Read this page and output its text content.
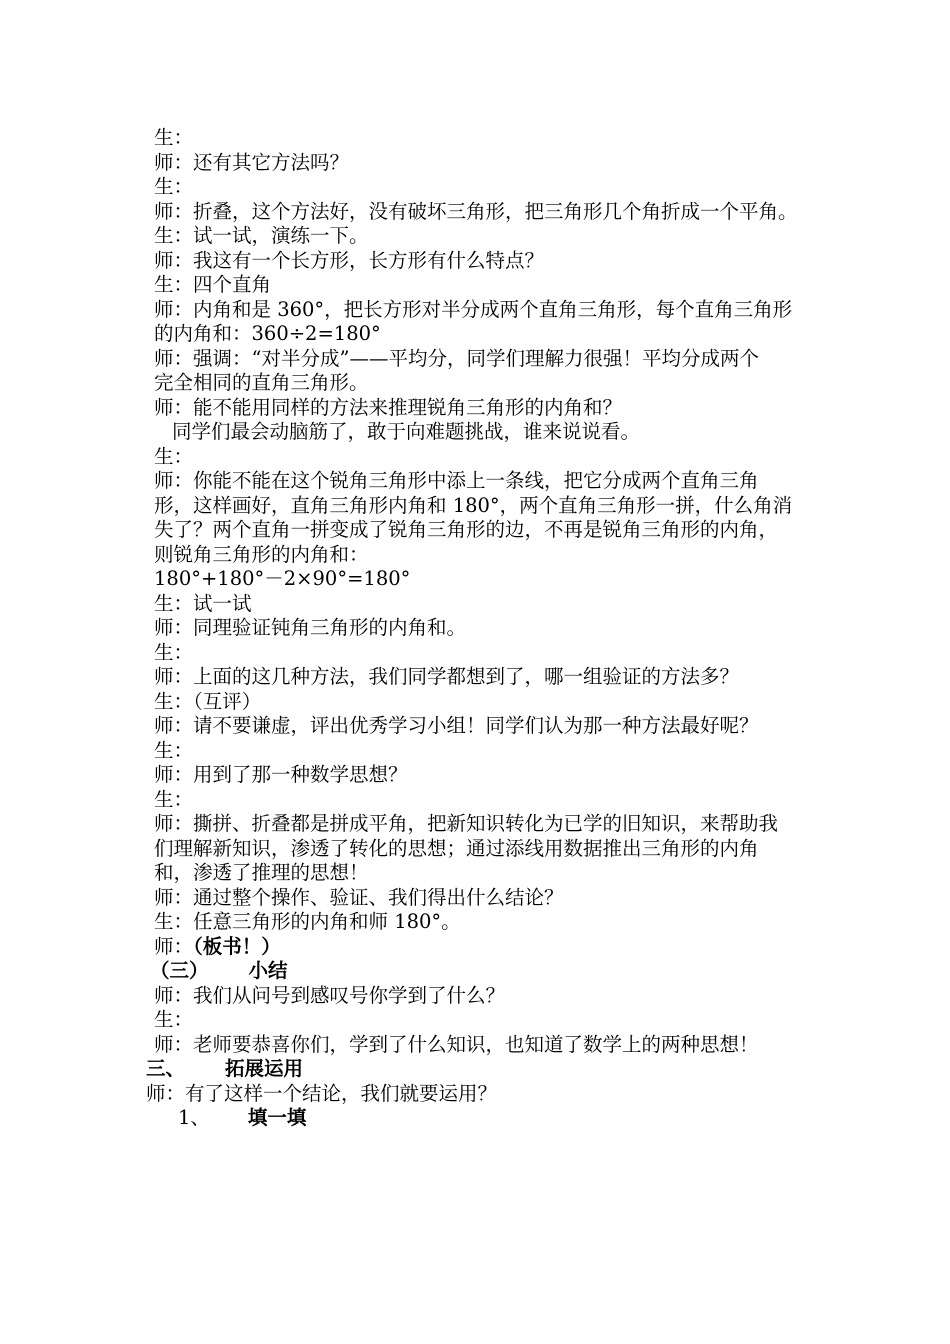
生：
师：还有其它方法吗？
生：
师：折叠，这个方法好，没有破坏三角形，把三角形几个角折成一个平角。
生：试一试，演练一下。
师：我这有一个长方形，长方形有什么特点？
生：四个直角
师：内角和是 360°，把长方形对半分成两个直角三角形，每个直角三角形
的内角和：360÷2=180°
师：强调：“对半分成”——平均分，同学们理解力很强！平均分成两个
完全相同的直角三角形。
师：能不能用同样的方法来推理锐角三角形的内角和？
同学们最会动脑筋了，敢于向难题挑战，谁来说说看。
生：
师：你能不能在这个锐角三角形中添上一条线，把它分成两个直角三角
形，这样画好，直角三角形内角和 180°，两个直角三角形一拼，什么角消
失了？两个直角一拼变成了锐角三角形的边，不再是锐角三角形的内角，
则锐角三角形的内角和：
180°+180°－2×90°=180°
生：试一试
师：同理验证钝角三角形的内角和。
生：
师：上面的这几种方法，我们同学都想到了，哪一组验证的方法多？
生：（互评）
师：请不要谦虚，评出优秀学习小组！同学们认为那一种方法最好呢？
生：
师：用到了那一种数学思想？
生：
师：撕拼、折叠都是拼成平角，把新知识转化为已学的旧知识，来帮助我
们理解新知识，渗透了转化的思想；通过添线用数据推出三角形的内角
和，渗透了推理的思想！
师：通过整个操作、验证、我们得出什么结论？
生：任意三角形的内角和师 180°。
师：（板书！）
（三） 小结
师：我们从问号到感叹号你学到了什么？
生：
师：老师要恭喜你们，学到了什么知识，也知道了数学上的两种思想！
三、 拓展运用
师：有了这样一个结论，我们就要运用？
1、 填一填
